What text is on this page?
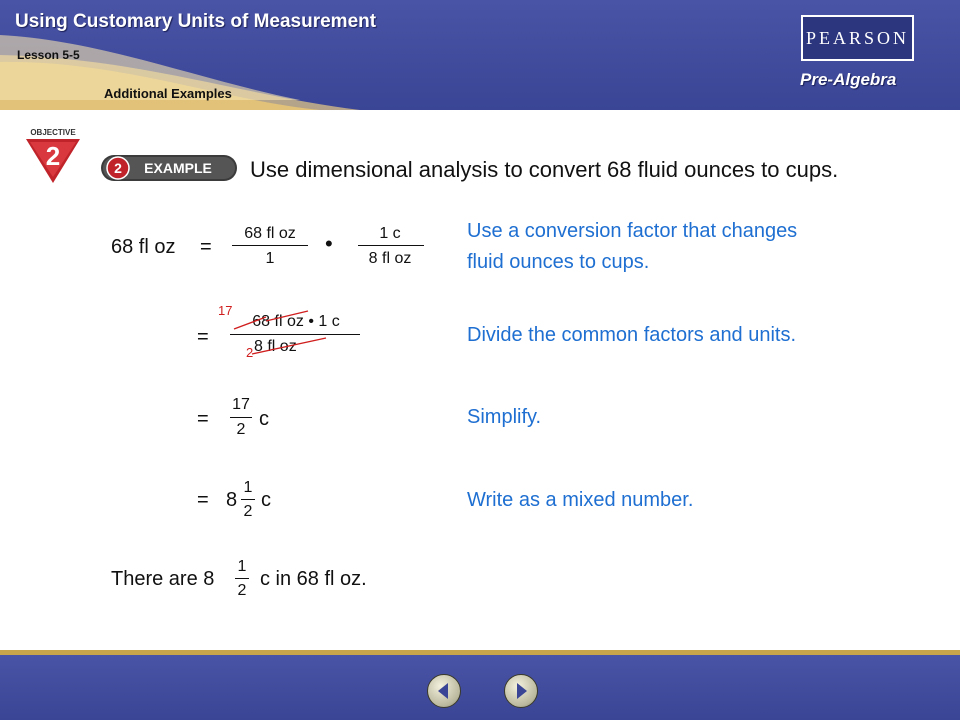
Using Customary Units of Measurement
Lesson 5-5
Additional Examples
PEARSON
Pre-Algebra
OBJECTIVE
2	2 EXAMPLE Use dimensional analysis to convert 68 fluid ounces to cups.
68 fl oz =
68 fl oz
1
•	1 c
8 fl oz
Use a conversion factor that changes
fluid ounces to cups.
=
17
68 fl oz • 1 c
8 fl oz
2
Divide the common factors and units.
=
17
2 c	Simplify.
= 8
1
2
c	Write as a mixed number.
There are 8
1
2
c in 68 fl oz.
